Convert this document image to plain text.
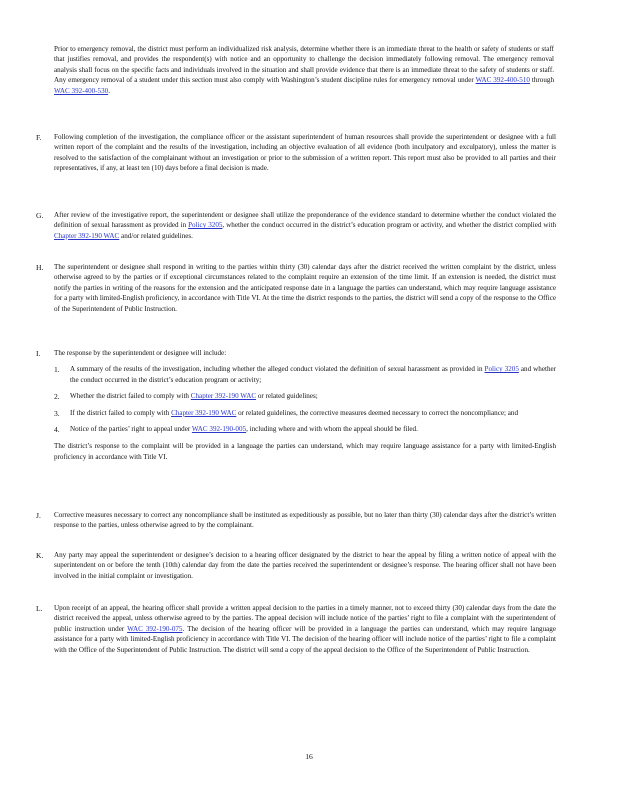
Prior to emergency removal, the district must perform an individualized risk analysis, determine whether there is an immediate threat to the health or safety of students or staff that justifies removal, and provides the respondent(s) with notice and an opportunity to challenge the decision immediately following removal. The emergency removal analysis shall focus on the specific facts and individuals involved in the situation and shall provide evidence that there is an immediate threat to the safety of students or staff. Any emergency removal of a student under this section must also comply with Washington’s student discipline rules for emergency removal under WAC 392-400-510 through WAC 392-400-530.

F.	Following completion of the investigation, the compliance officer or the assistant superintendent of human resources shall provide the superintendent or designee with a full written report of the complaint and the results of the investigation, including an objective evaluation of all evidence (both inculpatory and exculpatory), unless the matter is resolved to the satisfaction of the complainant without an investigation or prior to the submission of a written report. This report must also be provided to all parties and their representatives, if any, at least ten (10) days before a final decision is made.

G.	After review of the investigative report, the superintendent or designee shall utilize the preponderance of the evidence standard to determine whether the conduct violated the definition of sexual harassment as provided in Policy 3205, whether the conduct occurred in the district’s education program or activity, and whether the district complied with Chapter 392-190 WAC and/or related guidelines.

H.	The superintendent or designee shall respond in writing to the parties within thirty (30) calendar days after the district received the written complaint by the district, unless otherwise agreed to by the parties or if exceptional circumstances related to the complaint require an extension of the time limit. If an extension is needed, the district must notify the parties in writing of the reasons for the extension and the anticipated response date in a language the parties can understand, which may require language assistance for a party with limited-English proficiency, in accordance with Title VI. At the time the district responds to the parties, the district will send a copy of the response to the Office of the Superintendent of Public Instruction.

I.	The response by the superintendent or designee will include:

1. A summary of the results of the investigation, including whether the alleged conduct violated the definition of sexual harassment as provided in Policy 3205 and whether the conduct occurred in the district’s education program or activity;

2. Whether the district failed to comply with Chapter 392-190 WAC or related guidelines;

3. If the district failed to comply with Chapter 392-190 WAC or related guidelines, the corrective measures deemed necessary to correct the noncompliance; and

4. Notice of the parties’ right to appeal under WAC 392-190-005, including where and with whom the appeal should be filed.

The district’s response to the complaint will be provided in a language the parties can understand, which may require language assistance for a party with limited-English proficiency in accordance with Title VI.

J.	Corrective measures necessary to correct any noncompliance shall be instituted as expeditiously as possible, but no later than thirty (30) calendar days after the district’s written response to the parties, unless otherwise agreed to by the complainant.

K.	Any party may appeal the superintendent or designee’s decision to a hearing officer designated by the district to hear the appeal by filing a written notice of appeal with the superintendent on or before the tenth (10th) calendar day from the date the parties received the superintendent or designee’s response. The hearing officer shall not have been involved in the initial complaint or investigation.

L.	Upon receipt of an appeal, the hearing officer shall provide a written appeal decision to the parties in a timely manner, not to exceed thirty (30) calendar days from the date the district received the appeal, unless otherwise agreed to by the parties. The appeal decision will include notice of the parties’ right to file a complaint with the superintendent of public instruction under WAC 392-190-075. The decision of the hearing officer will be provided in a language the parties can understand, which may require language assistance for a party with limited-English proficiency in accordance with Title VI. The decision of the hearing officer will include notice of the parties’ right to file a complaint with the Office of the Superintendent of Public Instruction. The district will send a copy of the appeal decision to the Office of the Superintendent of Public Instruction.

16
